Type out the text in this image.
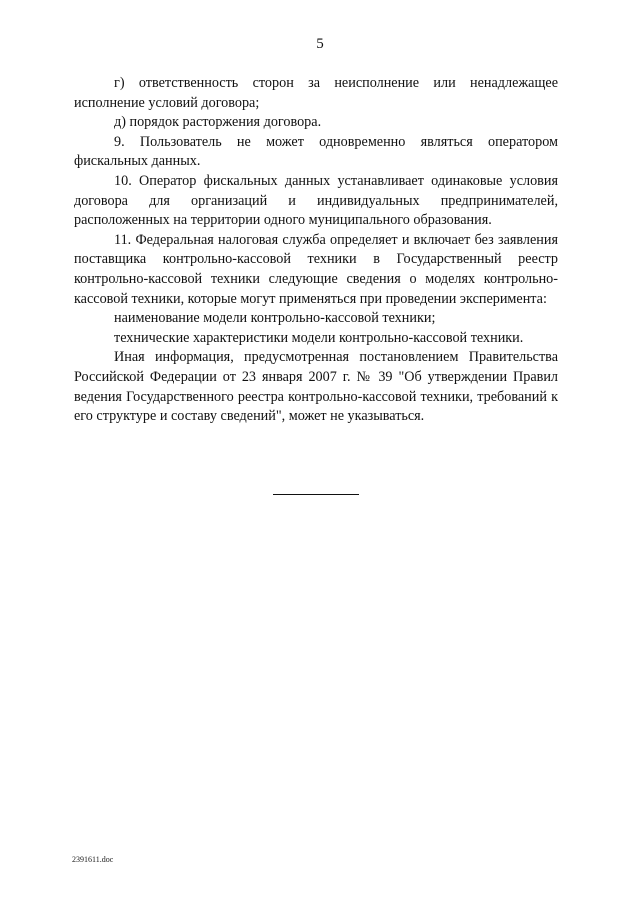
5

г) ответственность сторон за неисполнение или ненадлежащее исполнение условий договора;

д) порядок расторжения договора.

9. Пользователь не может одновременно являться оператором фискальных данных.

10. Оператор фискальных данных устанавливает одинаковые условия договора для организаций и индивидуальных предпринимателей, расположенных на территории одного муниципального образования.

11. Федеральная налоговая служба определяет и включает без заявления поставщика контрольно-кассовой техники в Государственный реестр контрольно-кассовой техники следующие сведения о моделях контрольно-кассовой техники, которые могут применяться при проведении эксперимента:

наименование модели контрольно-кассовой техники;

технические характеристики модели контрольно-кассовой техники.

Иная информация, предусмотренная постановлением Правительства Российской Федерации от 23 января 2007 г. № 39 "Об утверждении Правил ведения Государственного реестра контрольно-кассовой техники, требований к его структуре и составу сведений", может не указываться.

2391611.doc
